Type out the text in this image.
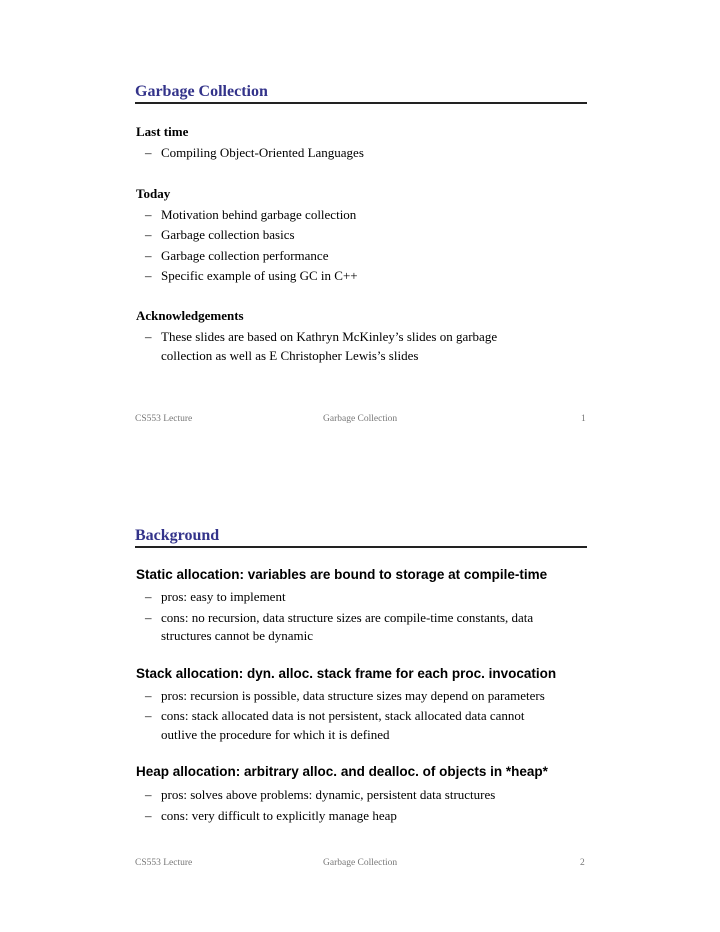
Garbage Collection
Last time
– Compiling Object-Oriented Languages
Today
– Motivation behind garbage collection
– Garbage collection basics
– Garbage collection performance
– Specific example of using GC in C++
Acknowledgements
– These slides are based on Kathryn McKinley’s slides on garbage
collection as well as E Christopher Lewis’s slides
CS553 Lecture	Garbage Collection	1
Background
Static allocation: variables are bound to storage at compile-time
– pros: easy to implement
– cons: no recursion, data structure sizes are compile-time constants, data
structures cannot be dynamic
Stack allocation: dyn. alloc. stack frame for each proc. invocation
– pros: recursion is possible, data structure sizes may depend on parameters
– cons: stack allocated data is not persistent, stack allocated data cannot
outlive the procedure for which it is defined
Heap allocation: arbitrary alloc. and dealloc. of objects in *heap*
– pros: solves above problems: dynamic, persistent data structures
– cons: very difficult to explicitly manage heap
CS553 Lecture	Garbage Collection	2
